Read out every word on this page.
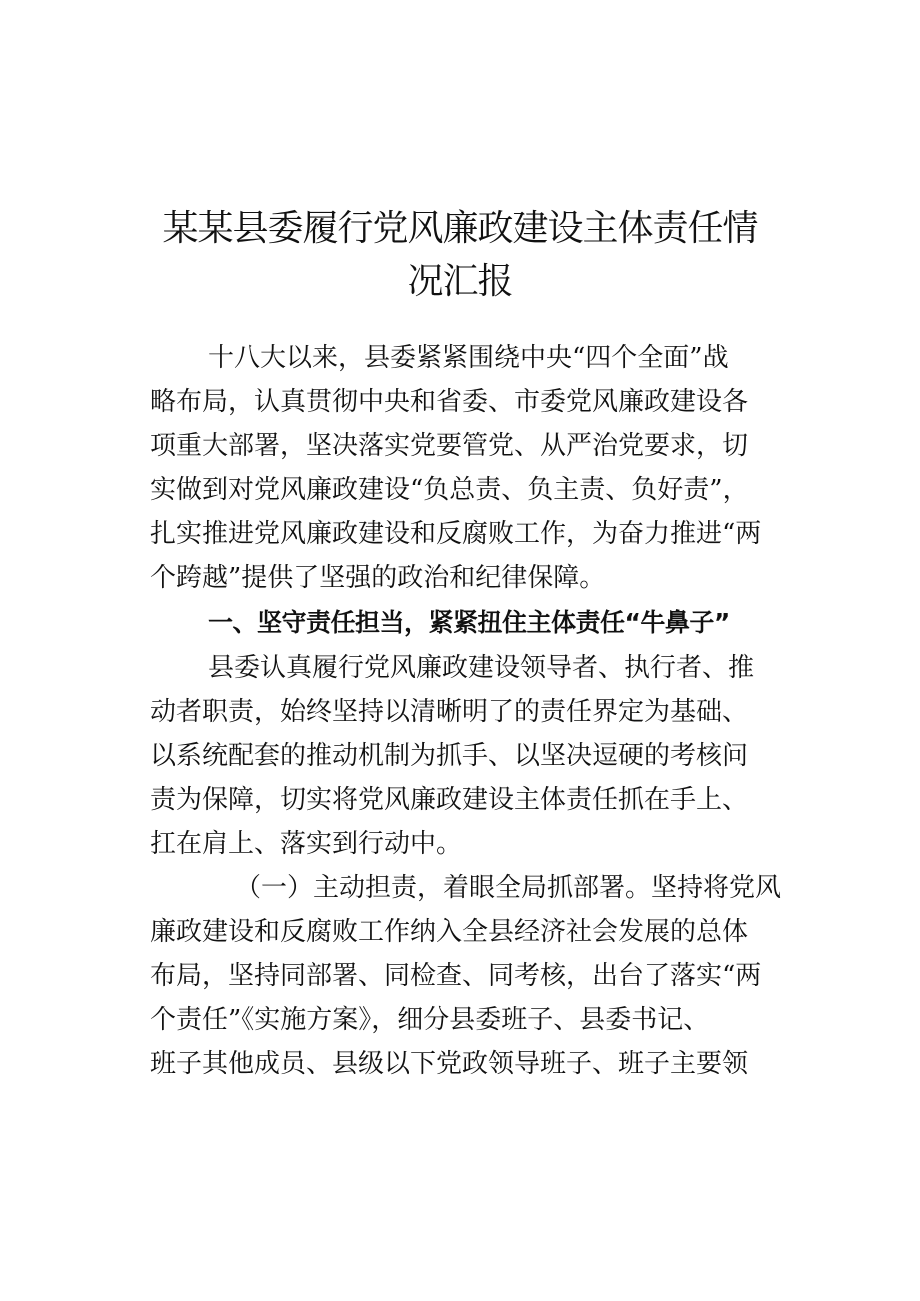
某某县委履行党风廉政建设主体责任情
况汇报

十八大以来，县委紧紧围绕中央“四个全面”战

略布局，认真贯彻中央和省委、市委党风廉政建设各

项重大部署，坚决落实党要管党、从严治党要求，切

实做到对党风廉政建设“负总责、负主责、负好责”，

扎实推进党风廉政建设和反腐败工作，为奋力推进“两

个跨越”提供了坚强的政治和纪律保障。

一、坚守责任担当，紧紧扭住主体责任“牛鼻子”

县委认真履行党风廉政建设领导者、执行者、推

动者职责，始终坚持以清晰明了的责任界定为基础、

以系统配套的推动机制为抓手、以坚决逗硬的考核问

责为保障，切实将党风廉政建设主体责任抓在手上、

扛在肩上、落实到行动中。

（一）主动担责，着眼全局抓部署。坚持将党风

廉政建设和反腐败工作纳入全县经济社会发展的总体

布局，坚持同部署、同检查、同考核，出台了落实“两

个责任”《实施方案》，细分县委班子、县委书记、

班子其他成员、县级以下党政领导班子、班子主要领
